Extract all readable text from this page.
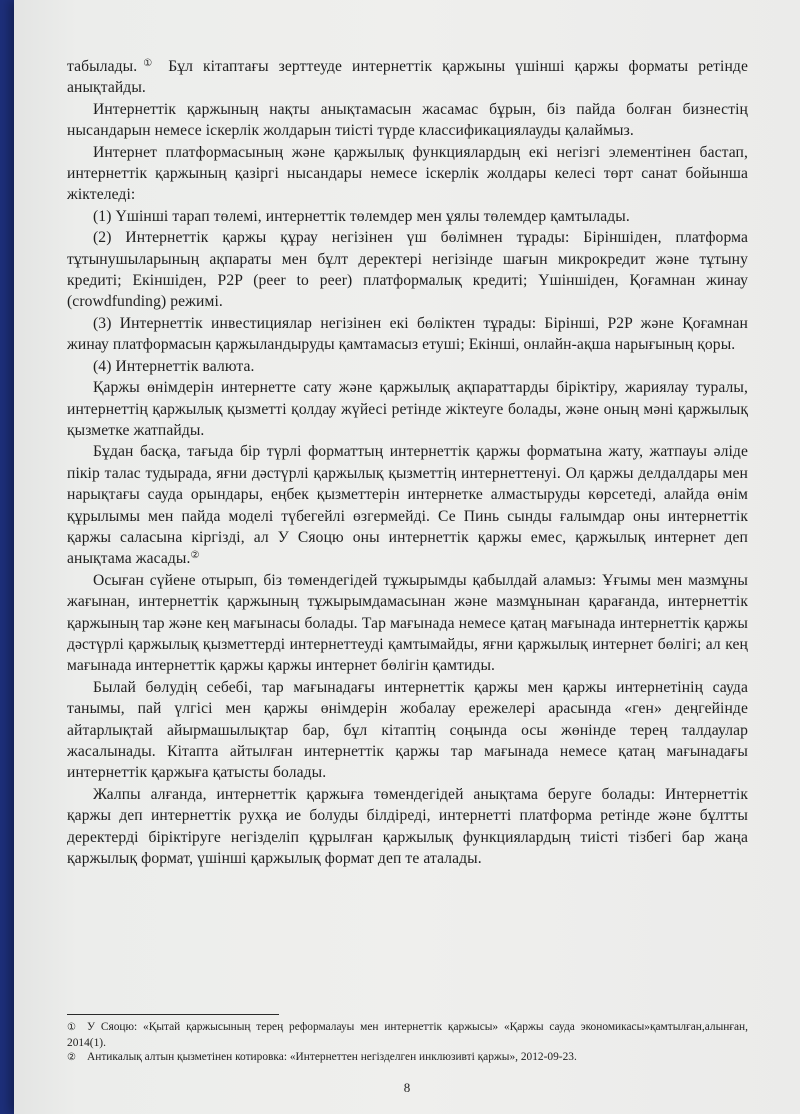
табылады.① Бұл кітаптағы зерттеуде интернеттік қаржыны үшінші қаржы форматы ретінде анықтайды.

Интернеттік қаржының нақты анықтамасын жасамас бұрын, біз пайда болған бизнестің нысандарын немесе іскерлік жолдарын тиісті түрде классификациялауды қалаймыз.

Интернет платформасының және қаржылық функциялардың екі негізгі элементінен бастап, интернеттік қаржының қазіргі нысандары немесе іскерлік жолдары келесі төрт санат бойынша жіктеледі:

(1) Үшінші тарап төлемі, интернеттік төлемдер мен ұялы төлемдер қамтылады.

(2) Интернеттік қаржы құрау негізінен үш бөлімнен тұрады: Біріншіден, платформа тұтынушыларының ақпараты мен бұлт деректері негізінде шағын микрокредит және тұтыну кредиті; Екіншіден, P2P (peer to peer) платформалық кредиті; Үшіншіден, Қоғамнан жинау (crowdfunding) режимі.

(3) Интернеттік инвестициялар негізінен екі бөліктен тұрады: Бірінші, P2P және Қоғамнан жинау платформасын қаржыландыруды қамтамасыз етуші; Екінші, онлайн-ақша нарығының қоры.

(4) Интернеттік валюта.

Қаржы өнімдерін интернетте сату және қаржылық ақпараттарды біріктіру, жариялау туралы, интернеттің қаржылық қызметті қолдау жүйесі ретінде жіктеуге болады, және оның мәні қаржылық қызметке жатпайды.

Бұдан басқа, тағыда бір түрлі форматтың интернеттік қаржы форматына жату, жатпауы әліде пікір талас тудырада, яғни дәстүрлі қаржылық қызметтің интернеттенуі. Ол қаржы делдалдары мен нарықтағы сауда орындары, еңбек қызметтерін интернетке алмастыруды көрсетеді, алайда өнім құрылымы мен пайда моделі түбегейлі өзгермейді. Се Пинь сынды ғалымдар оны интернеттік қаржы саласына кіргізді, ал У Сяоцю оны интернеттік қаржы емес, қаржылық интернет деп анықтама жасады.②

Осыған сүйене отырып, біз төмендегідей тұжырымды қабылдай аламыз: Ұғымы мен мазмұны жағынан, интернеттік қаржының тұжырымдамасынан және мазмұнынан қарағанда, интернеттік қаржының тар және кең мағынасы болады. Тар мағынада немесе қатаң мағынада интернеттік қаржы дәстүрлі қаржылық қызметтерді интернеттеуді қамтымайды, яғни қаржылық интернет бөлігі; ал кең мағынада интернеттік қаржы қаржы интернет бөлігін қамтиды.

Былай бөлудің себебі, тар мағынадағы интернеттік қаржы мен қаржы интернетінің сауда танымы, пай үлгісі мен қаржы өнімдерін жобалау ережелері арасында «ген» деңгейінде айтарлықтай айырмашылықтар бар, бұл кітаптің соңында осы жөнінде терең талдаулар жасалынады. Кітапта айтылған интернеттік қаржы тар мағынада немесе қатаң мағынадағы интернеттік қаржыға қатысты болады.

Жалпы алғанда, интернеттік қаржыға төмендегідей анықтама беруге болады: Интернеттік қаржы деп интернеттік рухқа ие болуды білдіреді, интернетті платформа ретінде және бұлтты деректерді біріктіруге негізделіп құрылған қаржылық функциялардың тиісті тізбегі бар жаңа қаржылық формат, үшінші қаржылық формат деп те аталады.

① У Сяоцю: «Қытай қаржысының терең реформалауы мен интернеттік қаржысы» «Қаржы сауда экономикасы»қамтылған,алынған, 2014(1).

② Антикалық алтын қызметінен котировка: «Интернеттен негізделген инклюзивті қаржы», 2012-09-23.

8
